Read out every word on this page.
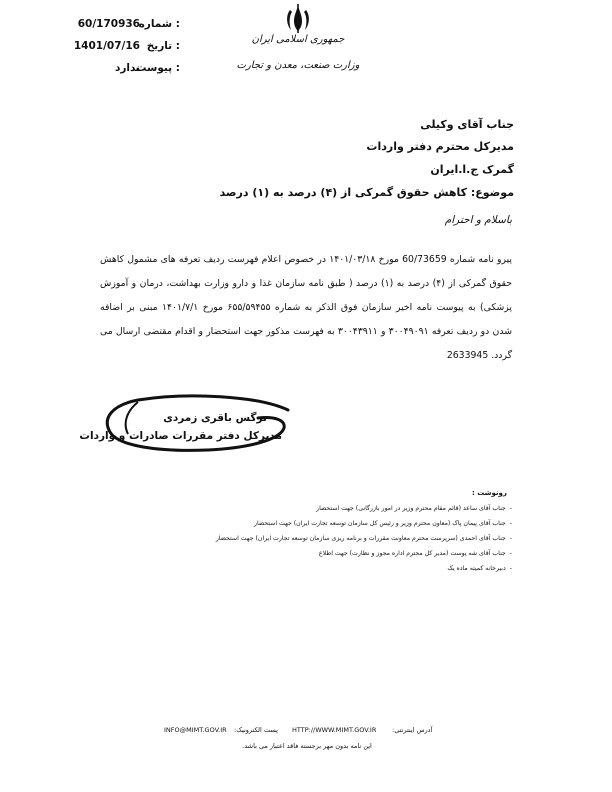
شماره :
60/170936
تاریخ :
1401/07/16
پیوست :
ندارد
جمهوری اسلامی ایران
وزارت صنعت، معدن و تجارت
جناب آقای وکیلی
مدیرکل محترم دفتر واردات
گمرک ج.ا.ایران
موضوع: کاهش حقوق گمرکی از (۴) درصد به (۱) درصد
باسلام و احترام
پیرو نامه شماره 60/73659 مورخ ۱۴۰۱/۰۳/۱۸ در خصوص اعلام فهرست ردیف تعرفه های مشمول کاهش حقوق گمرکی از (۴) درصد به (۱) درصد ( طبق نامه سازمان غذا و دارو وزارت بهداشت، درمان و آموزش پزشکی) به پیوست نامه اخیر سازمان فوق الذکر به شماره ۶۵۵/۵۹۴۵۵ مورخ ۱۴۰۱/۷/۱ مبنی بر اضافه شدن دو ردیف تعرفه ۳۰۰۴۹۰۹۱ و ۳۰۰۴۳۹۱۱ به فهرست مذکور جهت استحضار و اقدام مقتضی ارسال می گردد. 2633945
نرگس باقری زمردی
مدیرکل دفتر مقررات صادرات و واردات
رونوشت :
-جناب آقای ساعد (قائم مقام محترم وزیر در امور بازرگانی) جهت استحضار
-جناب آقای پیمان پاک (معاون محترم وزیر و رئیس کل سازمان توسعه تجارت ایران) جهت استحضار
-جناب آقای احمدی (سرپرست محترم معاونت مقررات و برنامه ریزی سازمان توسعه تجارت ایران) جهت استحضار
-جناب آقای شه پوست (مدیر کل محترم اداره مجوز و نظارت) جهت اطلاع
-دبیرخانه کمیته ماده یک
آدرس اینترنتی:
HTTP://WWW.MIMT.GOV.IR
پست الکترونیک:
INFO@MIMT.GOV.IR
این نامه بدون مهر برجسته فاقد اعتبار می باشد.
